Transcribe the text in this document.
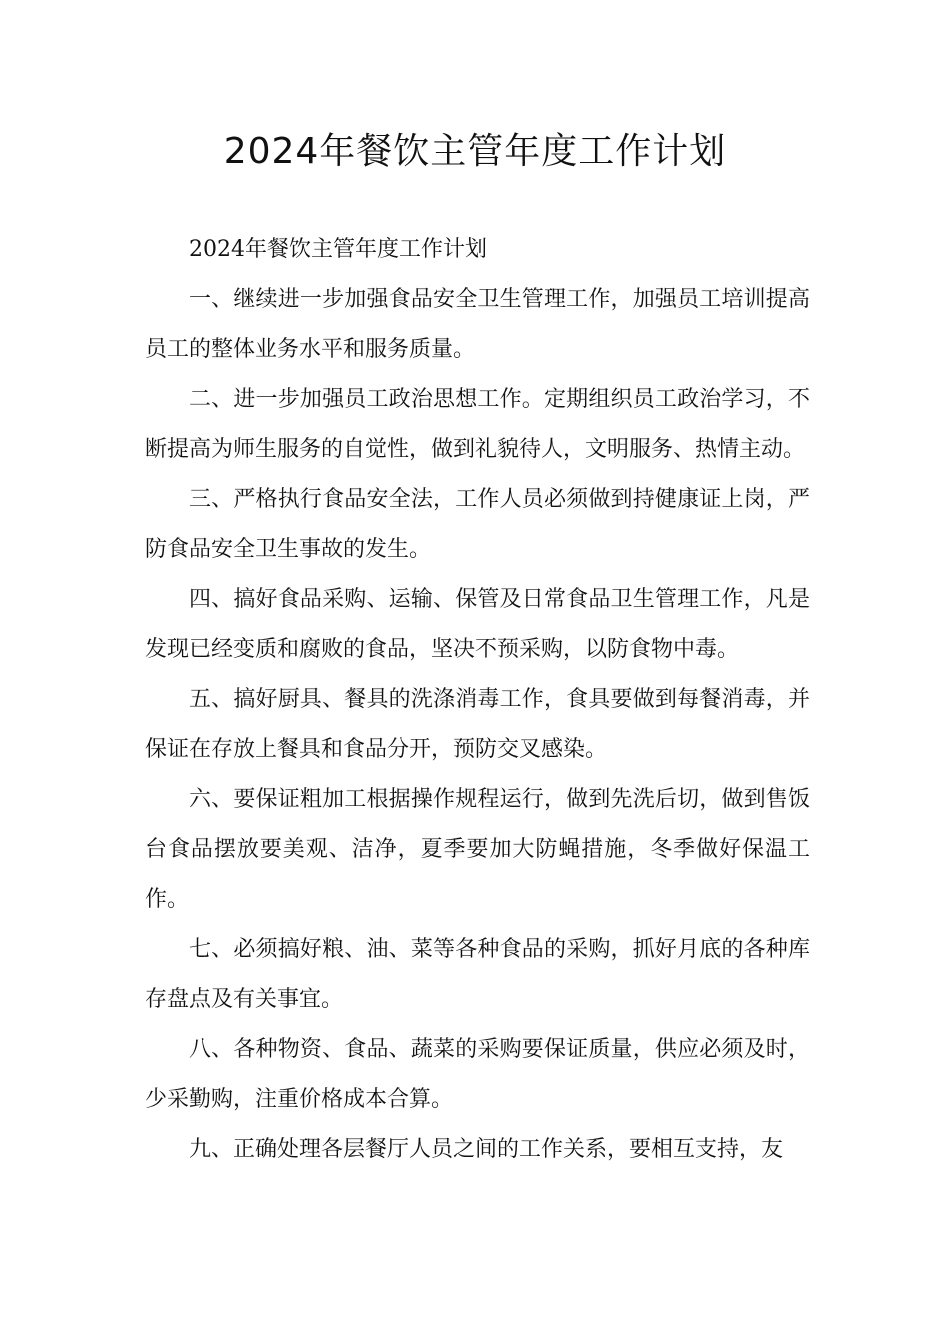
2024年餐饮主管年度工作计划

2024年餐饮主管年度工作计划

一、继续进一步加强食品安全卫生管理工作，加强员工培训提高员工的整体业务水平和服务质量。

二、进一步加强员工政治思想工作。定期组织员工政治学习，不断提高为师生服务的自觉性，做到礼貌待人，文明服务、热情主动。

三、严格执行食品安全法，工作人员必须做到持健康证上岗，严防食品安全卫生事故的发生。

四、搞好食品采购、运输、保管及日常食品卫生管理工作，凡是发现已经变质和腐败的食品，坚决不预采购，以防食物中毒。

五、搞好厨具、餐具的洗涤消毒工作，食具要做到每餐消毒，并保证在存放上餐具和食品分开，预防交叉感染。

六、要保证粗加工根据操作规程运行，做到先洗后切，做到售饭台食品摆放要美观、洁净，夏季要加大防蝇措施，冬季做好保温工作。

七、必须搞好粮、油、菜等各种食品的采购，抓好月底的各种库存盘点及有关事宜。

八、各种物资、食品、蔬菜的采购要保证质量，供应必须及时，少采勤购，注重价格成本合算。

九、正确处理各层餐厅人员之间的工作关系，要相互支持，友
